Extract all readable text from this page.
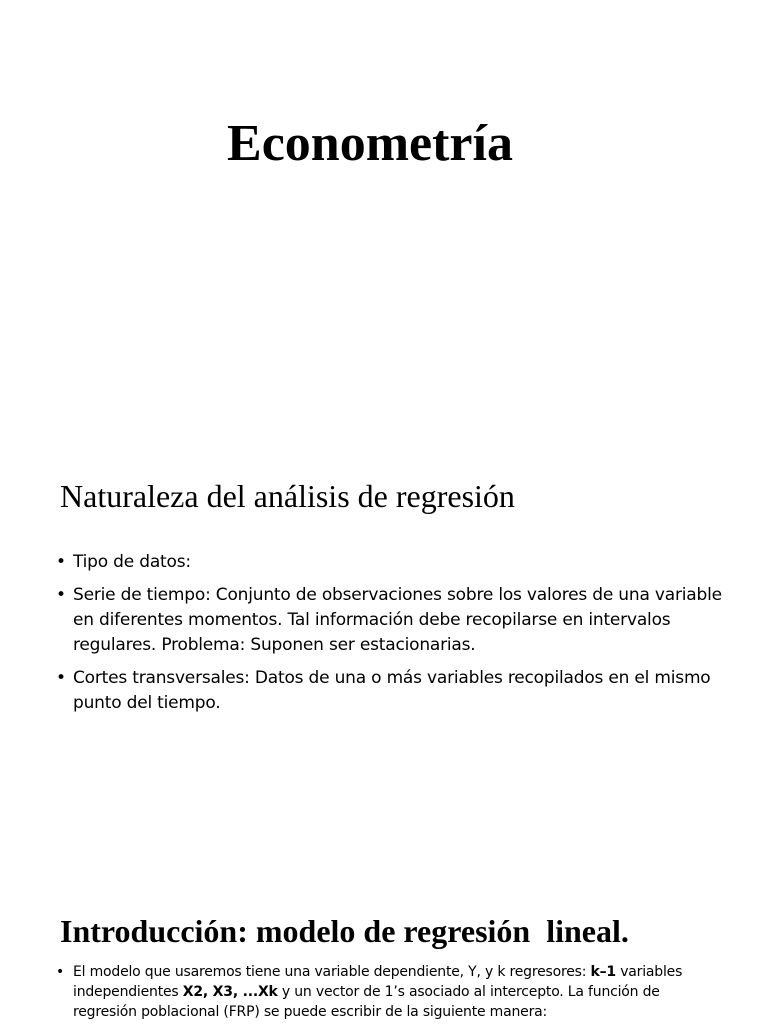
Econometría
Naturaleza del análisis de regresión
• Tipo de datos:
• Serie de tiempo: Conjunto de observaciones sobre los valores de una variable en diferentes momentos. Tal información debe recopilarse en intervalos regulares. Problema: Suponen ser estacionarias.
• Cortes transversales: Datos de una o más variables recopilados en el mismo punto del tiempo.
Introducción: modelo de regresión  lineal.
• El modelo que usaremos tiene una variable dependiente, Y, y k regresores: k–1 variables independientes X2, X3, ...Xk y un vector de 1’s asociado al intercepto. La función de regresión poblacional (FRP) se puede escribir de la siguiente manera:
